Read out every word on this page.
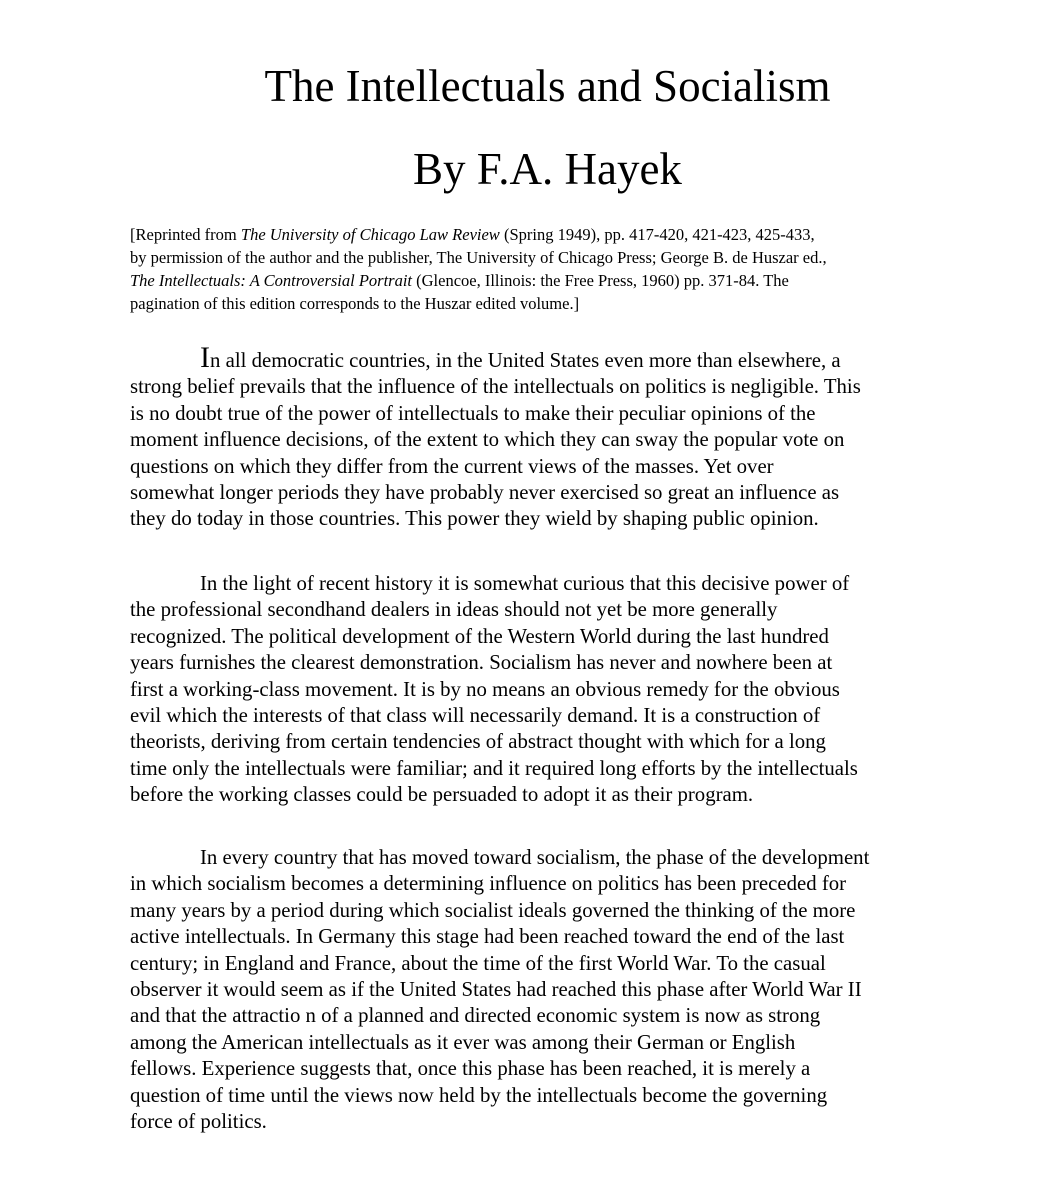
The Intellectuals and Socialism
By F.A. Hayek

[Reprinted from The University of Chicago Law Review (Spring 1949), pp. 417-420, 421-423, 425-433,
by permission of the author and the publisher, The University of Chicago Press; George B. de Huszar ed.,
The Intellectuals: A Controversial Portrait (Glencoe, Illinois: the Free Press, 1960) pp. 371-84. The
pagination of this edition corresponds to the Huszar edited volume.]

In all democratic countries, in the United States even more than elsewhere, a
strong belief prevails that the influence of the intellectuals on politics is negligible. This
is no doubt true of the power of intellectuals to make their peculiar opinions of the
moment influence decisions, of the extent to which they can sway the popular vote on
questions on which they differ from the current views of the masses. Yet over
somewhat longer periods they have probably never exercised so great an influence as
they do today in those countries. This power they wield by shaping public opinion.

In the light of recent history it is somewhat curious that this decisive power of
the professional secondhand dealers in ideas should not yet be more generally
recognized. The political development of the Western World during the last hundred
years furnishes the clearest demonstration. Socialism has never and nowhere been at
first a working-class movement. It is by no means an obvious remedy for the obvious
evil which the interests of that class will necessarily demand. It is a construction of
theorists, deriving from certain tendencies of abstract thought with which for a long
time only the intellectuals were familiar; and it required long efforts by the intellectuals
before the working classes could be persuaded to adopt it as their program.

In every country that has moved toward socialism, the phase of the development
in which socialism becomes a determining influence on politics has been preceded for
many years by a period during which socialist ideals governed the thinking of the more
active intellectuals. In Germany this stage had been reached toward the end of the last
century; in England and France, about the time of the first World War. To the casual
observer it would seem as if the United States had reached this phase after World War II
and that the attractio n of a planned and directed economic system is now as strong
among the American intellectuals as it ever was among their German or English
fellows. Experience suggests that, once this phase has been reached, it is merely a
question of time until the views now held by the intellectuals become the governing
force of politics.
